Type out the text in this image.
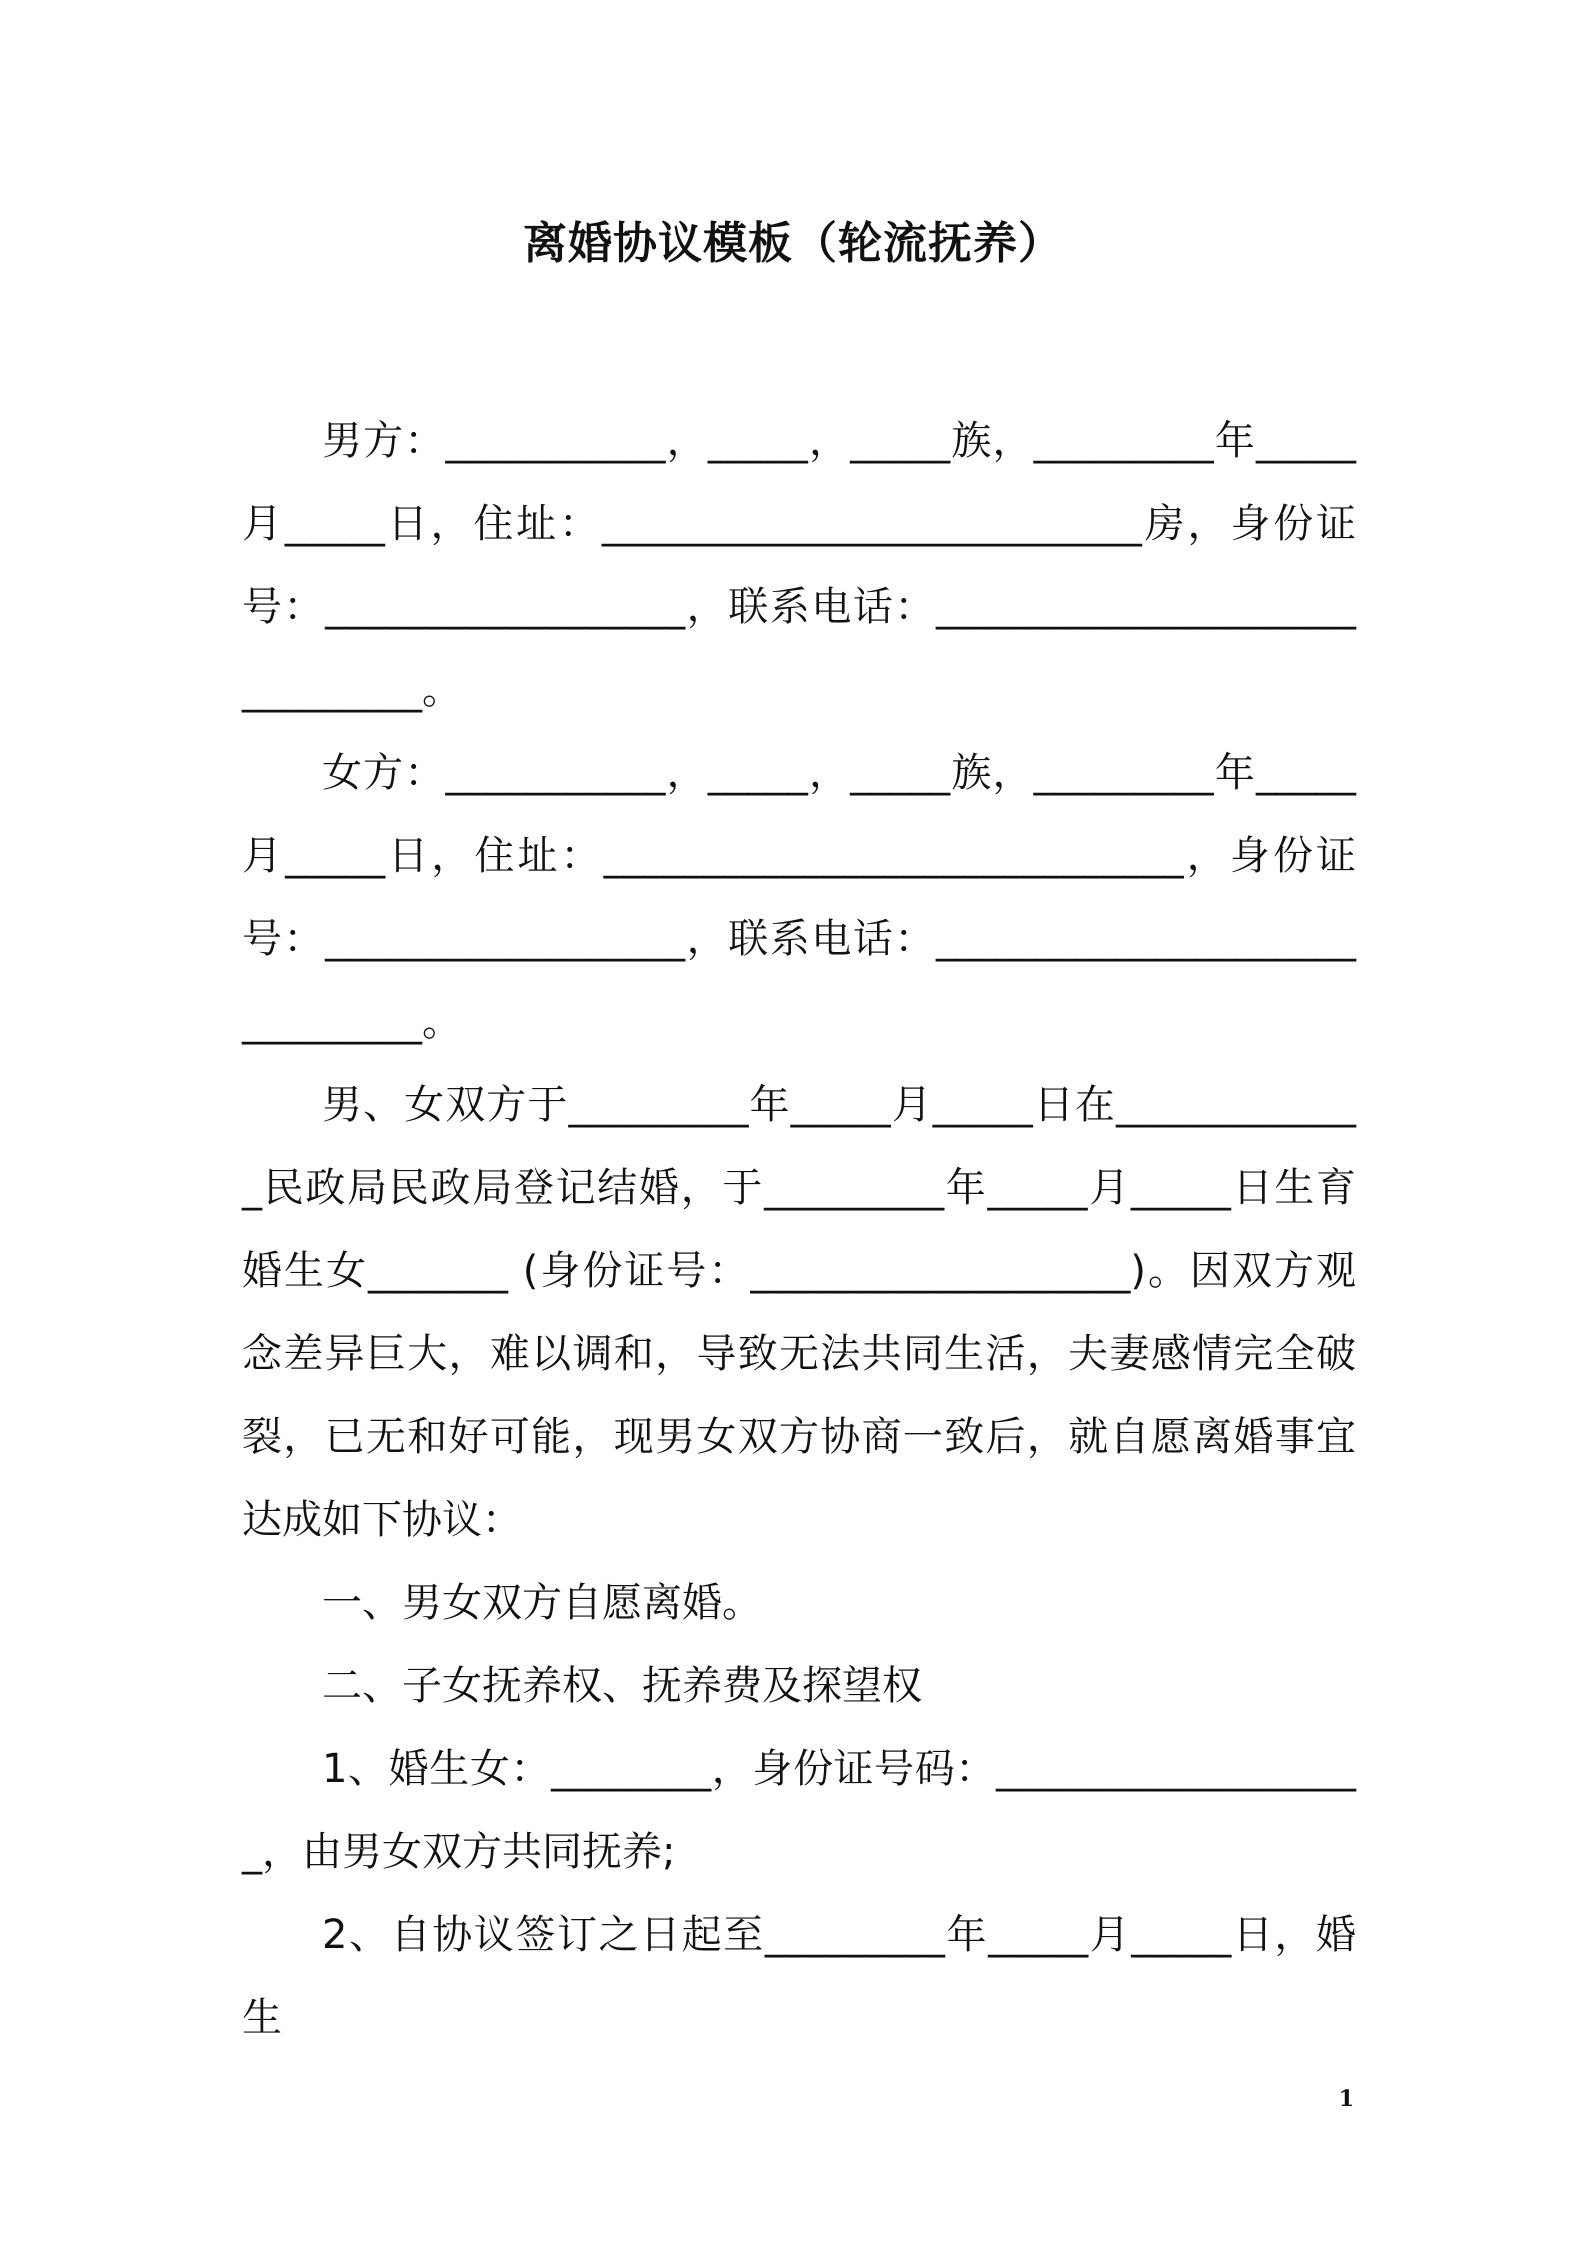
离婚协议模板（轮流抚养）

男方：___________，_____，_____族，_________年_____月_____日，住址：___________________________房，身份证号：__________________，联系电话：______________________________。

女方：___________，_____，_____族，_________年_____月_____日，住址：_____________________________，身份证号：__________________，联系电话：______________________________。

男、女双方于_________年_____月_____日在_____________民政局民政局登记结婚，于_________年_____月_____日生育婚生女_______ (身份证号：___________________)。因双方观念差异巨大，难以调和，导致无法共同生活，夫妻感情完全破裂，已无和好可能，现男女双方协商一致后，就自愿离婚事宜达成如下协议：

一、男女双方自愿离婚。

二、子女抚养权、抚养费及探望权

1、婚生女：________，身份证号码：___________________，由男女双方共同抚养;

2、自协议签订之日起至_________年_____月_____日，婚生

1
